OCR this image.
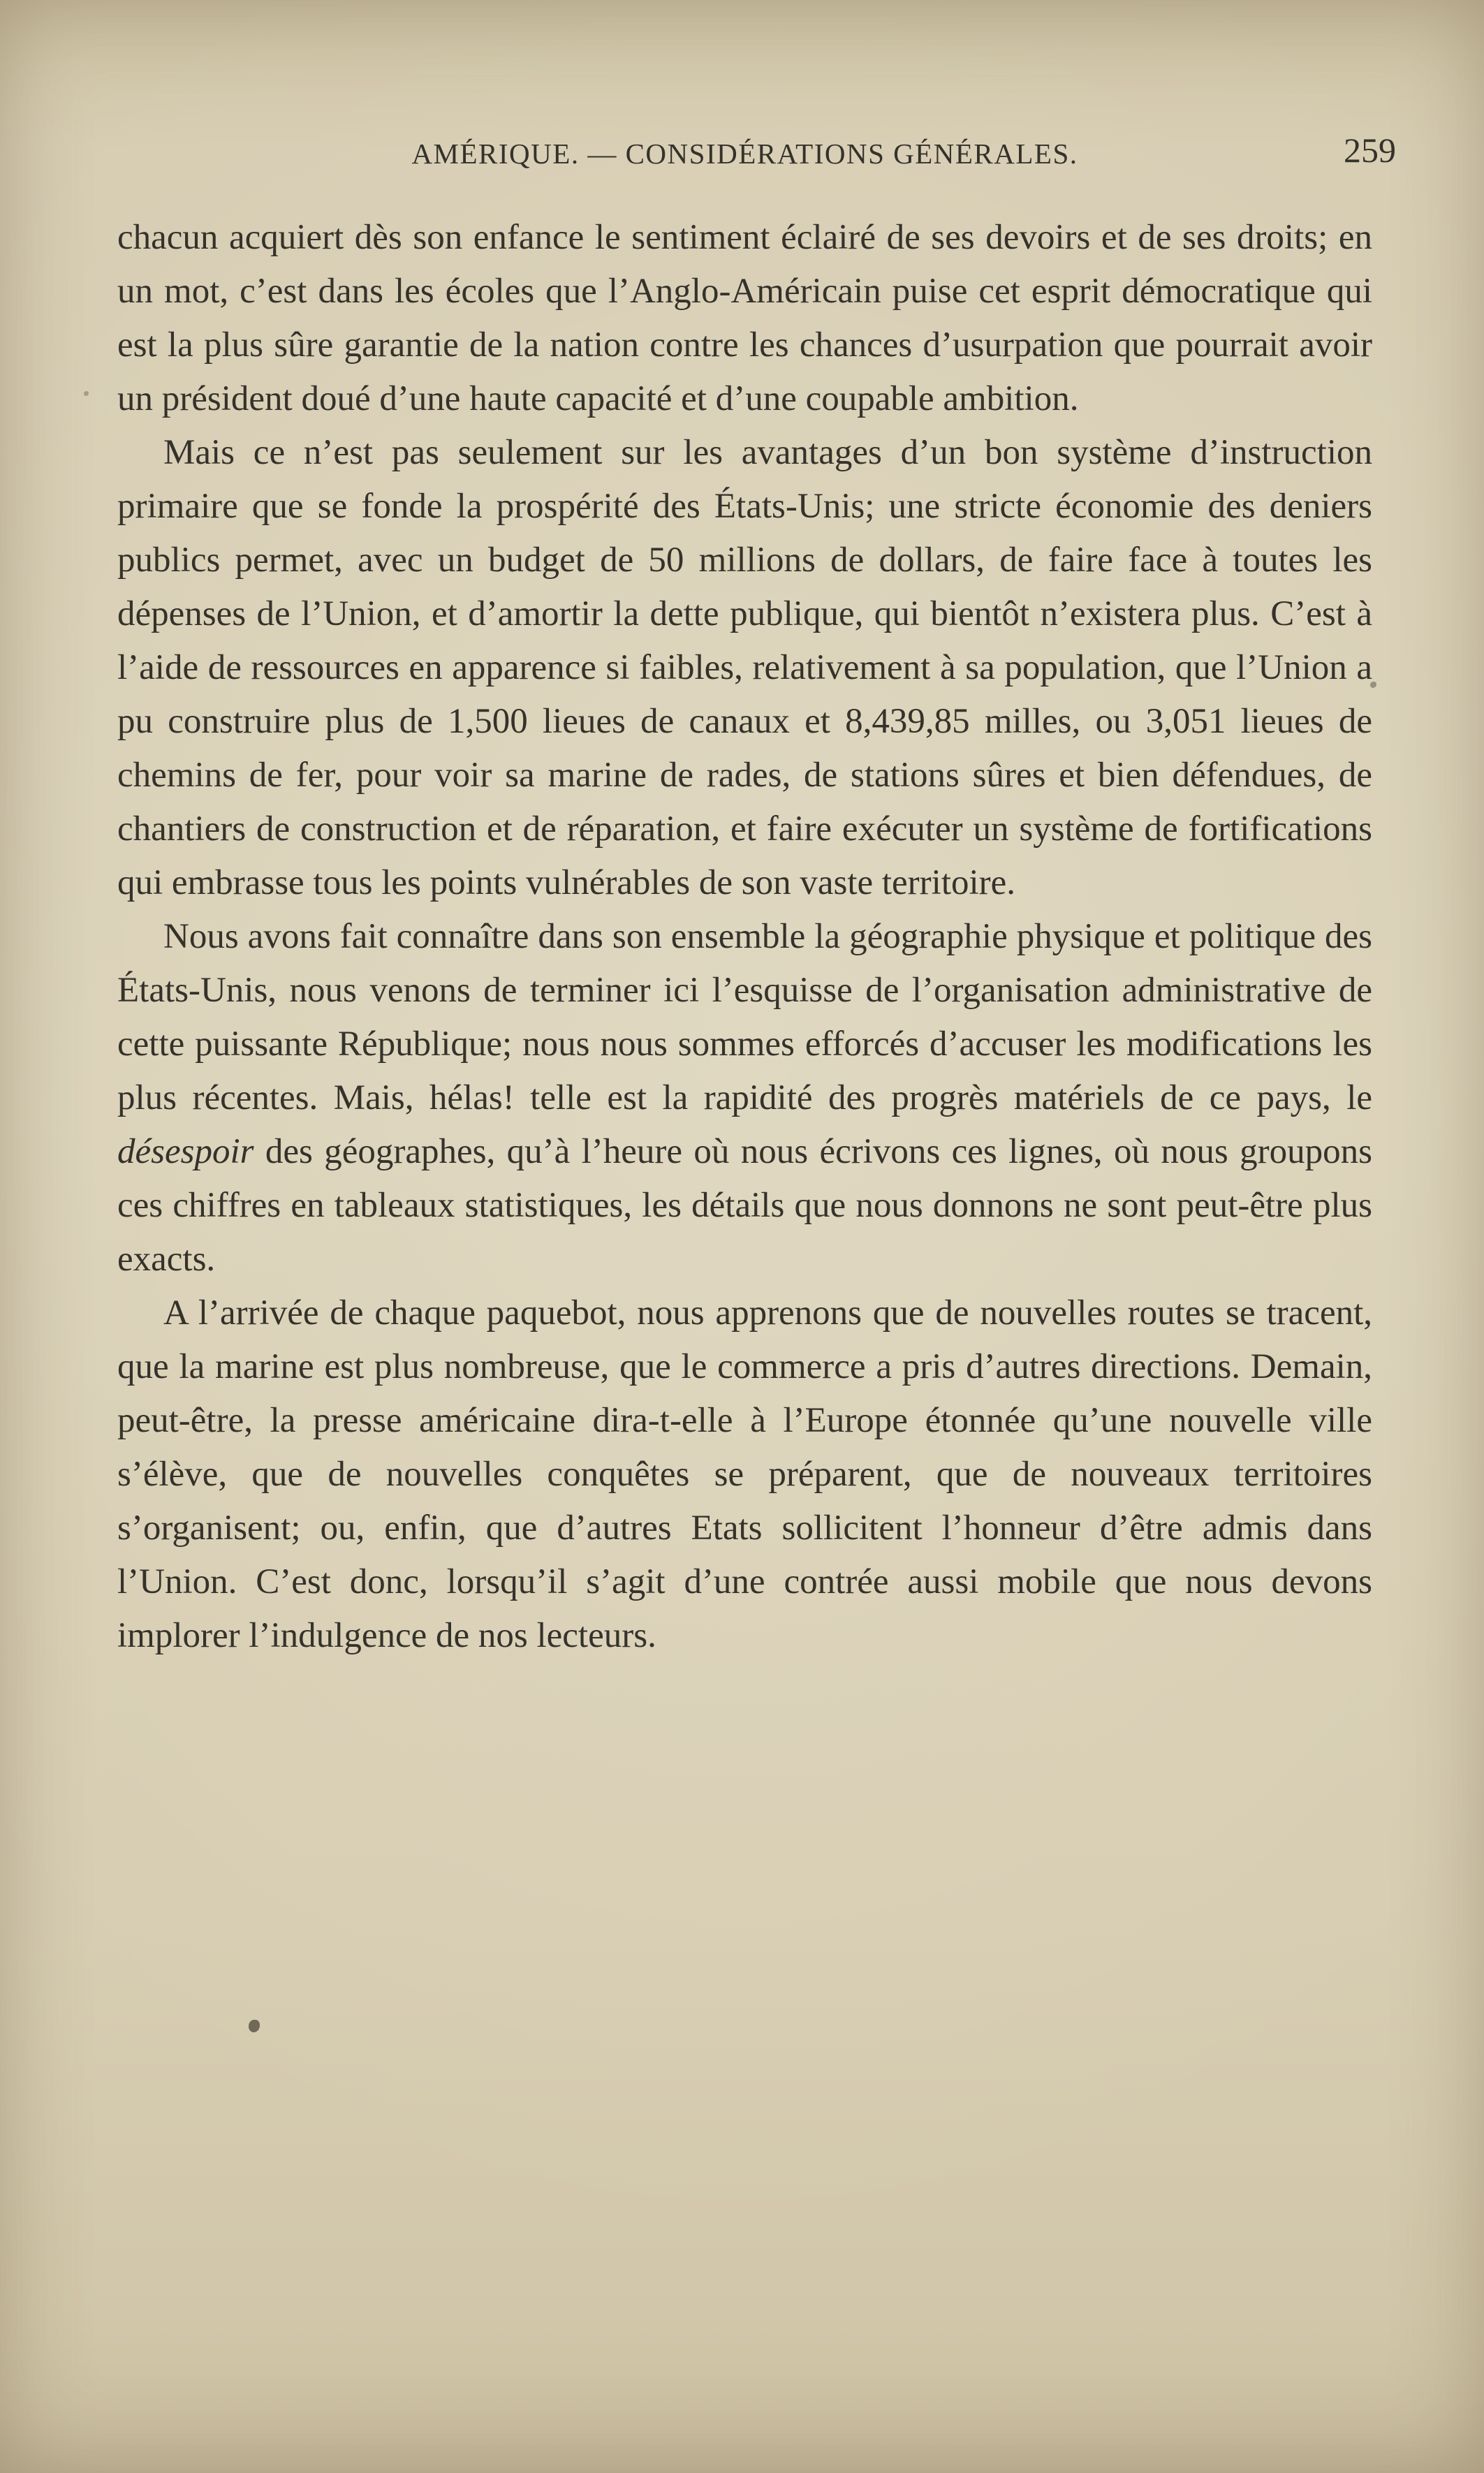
AMÉRIQUE. — CONSIDÉRATIONS GÉNÉRALES.	259

chacun acquiert dès son enfance le sentiment éclairé de ses devoirs et de ses droits; en un mot, c’est dans les écoles que l’Anglo-Américain puise cet esprit démocratique qui est la plus sûre garantie de la nation contre les chances d’usurpation que pourrait avoir un président doué d’une haute capacité et d’une coupable ambition.

Mais ce n’est pas seulement sur les avantages d’un bon système d’instruction primaire que se fonde la prospérité des États-Unis; une stricte économie des deniers publics permet, avec un budget de 50 millions de dollars, de faire face à toutes les dépenses de l’Union, et d’amortir la dette publique, qui bientôt n’existera plus. C’est à l’aide de ressources en apparence si faibles, relativement à sa population, que l’Union a pu construire plus de 1,500 lieues de canaux et 8,439,85 milles, ou 3,051 lieues de chemins de fer, pour voir sa marine de rades, de stations sûres et bien défendues, de chantiers de construction et de réparation, et faire exécuter un système de fortifications qui embrasse tous les points vulnérables de son vaste territoire.

Nous avons fait connaître dans son ensemble la géographie physique et politique des États-Unis, nous venons de terminer ici l’esquisse de l’organisation administrative de cette puissante République; nous nous sommes efforcés d’accuser les modifications les plus récentes. Mais, hélas! telle est la rapidité des progrès matériels de ce pays, le désespoir des géographes, qu’à l’heure où nous écrivons ces lignes, où nous groupons ces chiffres en tableaux statistiques, les détails que nous donnons ne sont peut-être plus exacts.

A l’arrivée de chaque paquebot, nous apprenons que de nouvelles routes se tracent, que la marine est plus nombreuse, que le commerce a pris d’autres directions. Demain, peut-être, la presse américaine dira-t-elle à l’Europe étonnée qu’une nouvelle ville s’élève, que de nouvelles conquêtes se préparent, que de nouveaux territoires s’organisent; ou, enfin, que d’autres Etats sollicitent l’honneur d’être admis dans l’Union. C’est donc, lorsqu’il s’agit d’une contrée aussi mobile que nous devons implorer l’indulgence de nos lecteurs.
